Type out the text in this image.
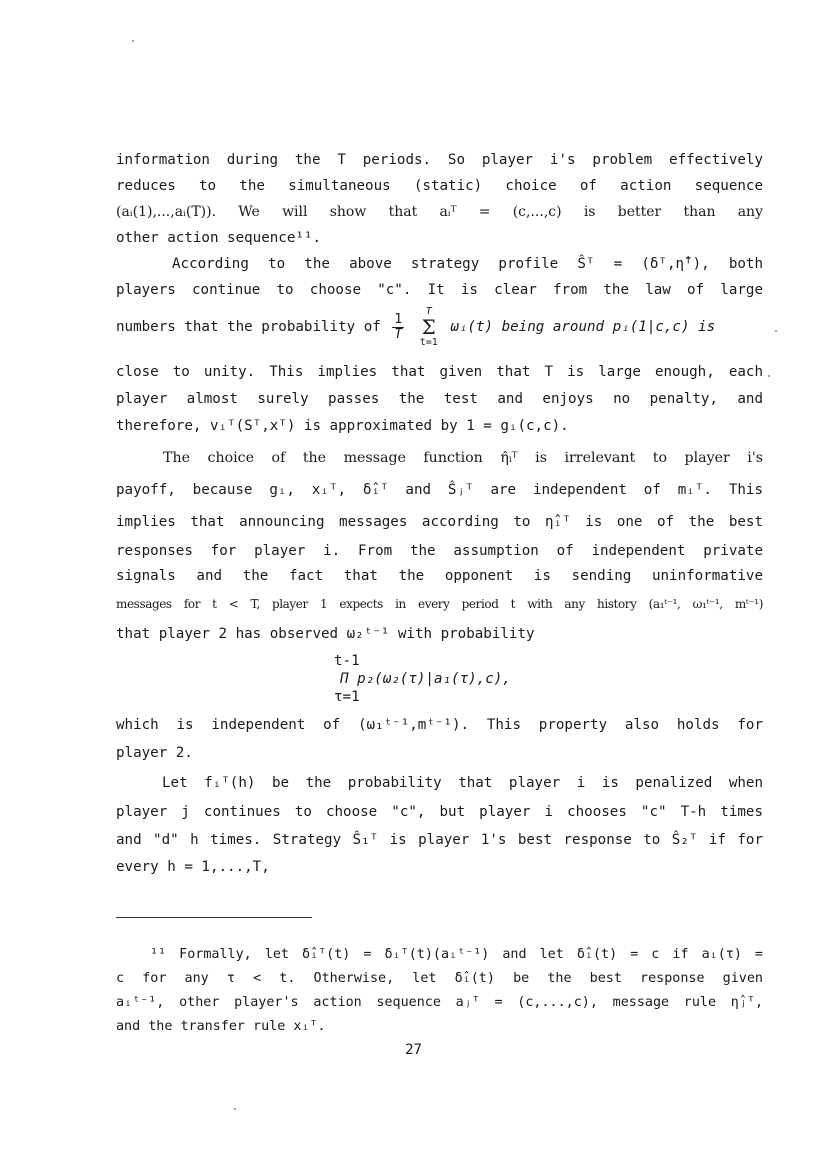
information during the T periods. So player i's problem effectively

reduces to the simultaneous (static) choice of action sequence

(aᵢ(1),...,aᵢ(T)). We will show that aᵢᵀ = (c,...,c) is better than any

other action sequence¹¹.

According to the above strategy profile Ŝᵀ = (δᵀ,η̂ᵀ), both

players continue to choose "c". It is clear from the law of large

numbers that the probability of $\frac{1}{T}$
T
Σ
t=1 ωᵢ(t) being around pᵢ(1|c,c) is

close to unity. This implies that given that T is large enough, each

player almost surely passes the test and enjoys no penalty, and

therefore, vᵢᵀ(Sᵀ,xᵀ) is approximated by 1 = gᵢ(c,c).

The choice of the message function η̂ᵢᵀ is irrelevant to player i's

payoff, because gᵢ, xᵢᵀ, δ̂ᵢᵀ and Ŝⱼᵀ are independent of mᵢᵀ. This

implies that announcing messages according to η̂ᵢᵀ is one of the best

responses for player i. From the assumption of independent private

signals and the fact that the opponent is sending uninformative

messages for t < T, player 1 expects in every period t with any history (a₁ᵗ⁻¹, ω₁ᵗ⁻¹, mᵗ⁻¹)

that player 2 has observed ω₂ᵗ⁻¹ with probability

t-1
Π p₂(ω₂(τ)|a₁(τ),c),
τ=1

which is independent of (ω₁ᵗ⁻¹,mᵗ⁻¹). This property also holds for

player 2.

Let fᵢᵀ(h) be the probability that player i is penalized when

player j continues to choose "c", but player i chooses "c" T-h times

and "d" h times. Strategy Ŝ₁ᵀ is player 1's best response to Ŝ₂ᵀ if for

every h = 1,...,T,

¹¹ Formally, let δ̂ᵢᵀ(t) = δᵢᵀ(t)(aᵢᵗ⁻¹) and let δ̂ᵢ(t) = c if aᵢ(τ) =

c for any τ < t. Otherwise, let δ̂ᵢ(t) be the best response given

aᵢᵗ⁻¹, other player's action sequence aⱼᵀ = (c,...,c), message rule η̂ⱼᵀ,

and the transfer rule xᵢᵀ.

27
